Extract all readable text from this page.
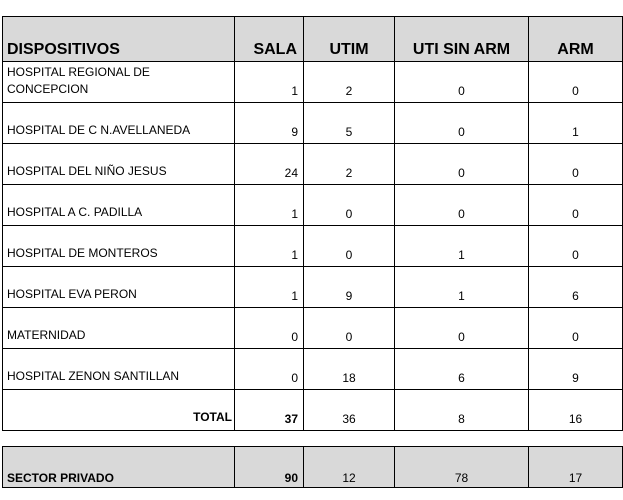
DISPOSITIVOS	SALA	UTIM	UTI SIN ARM	ARM
HOSPITAL REGIONAL DE CONCEPCION	1	2	0	0
HOSPITAL DE C N.AVELLANEDA	9	5	0	1
HOSPITAL DEL NIÑO JESUS	24	2	0	0
HOSPITAL A C. PADILLA	1	0	0	0
HOSPITAL DE MONTEROS	1	0	1	0
HOSPITAL EVA PERON	1	9	1	6
MATERNIDAD	0	0	0	0
HOSPITAL ZENON SANTILLAN	0	18	6	9
TOTAL	37	36	8	16
SECTOR PRIVADO	90	12	78	17
